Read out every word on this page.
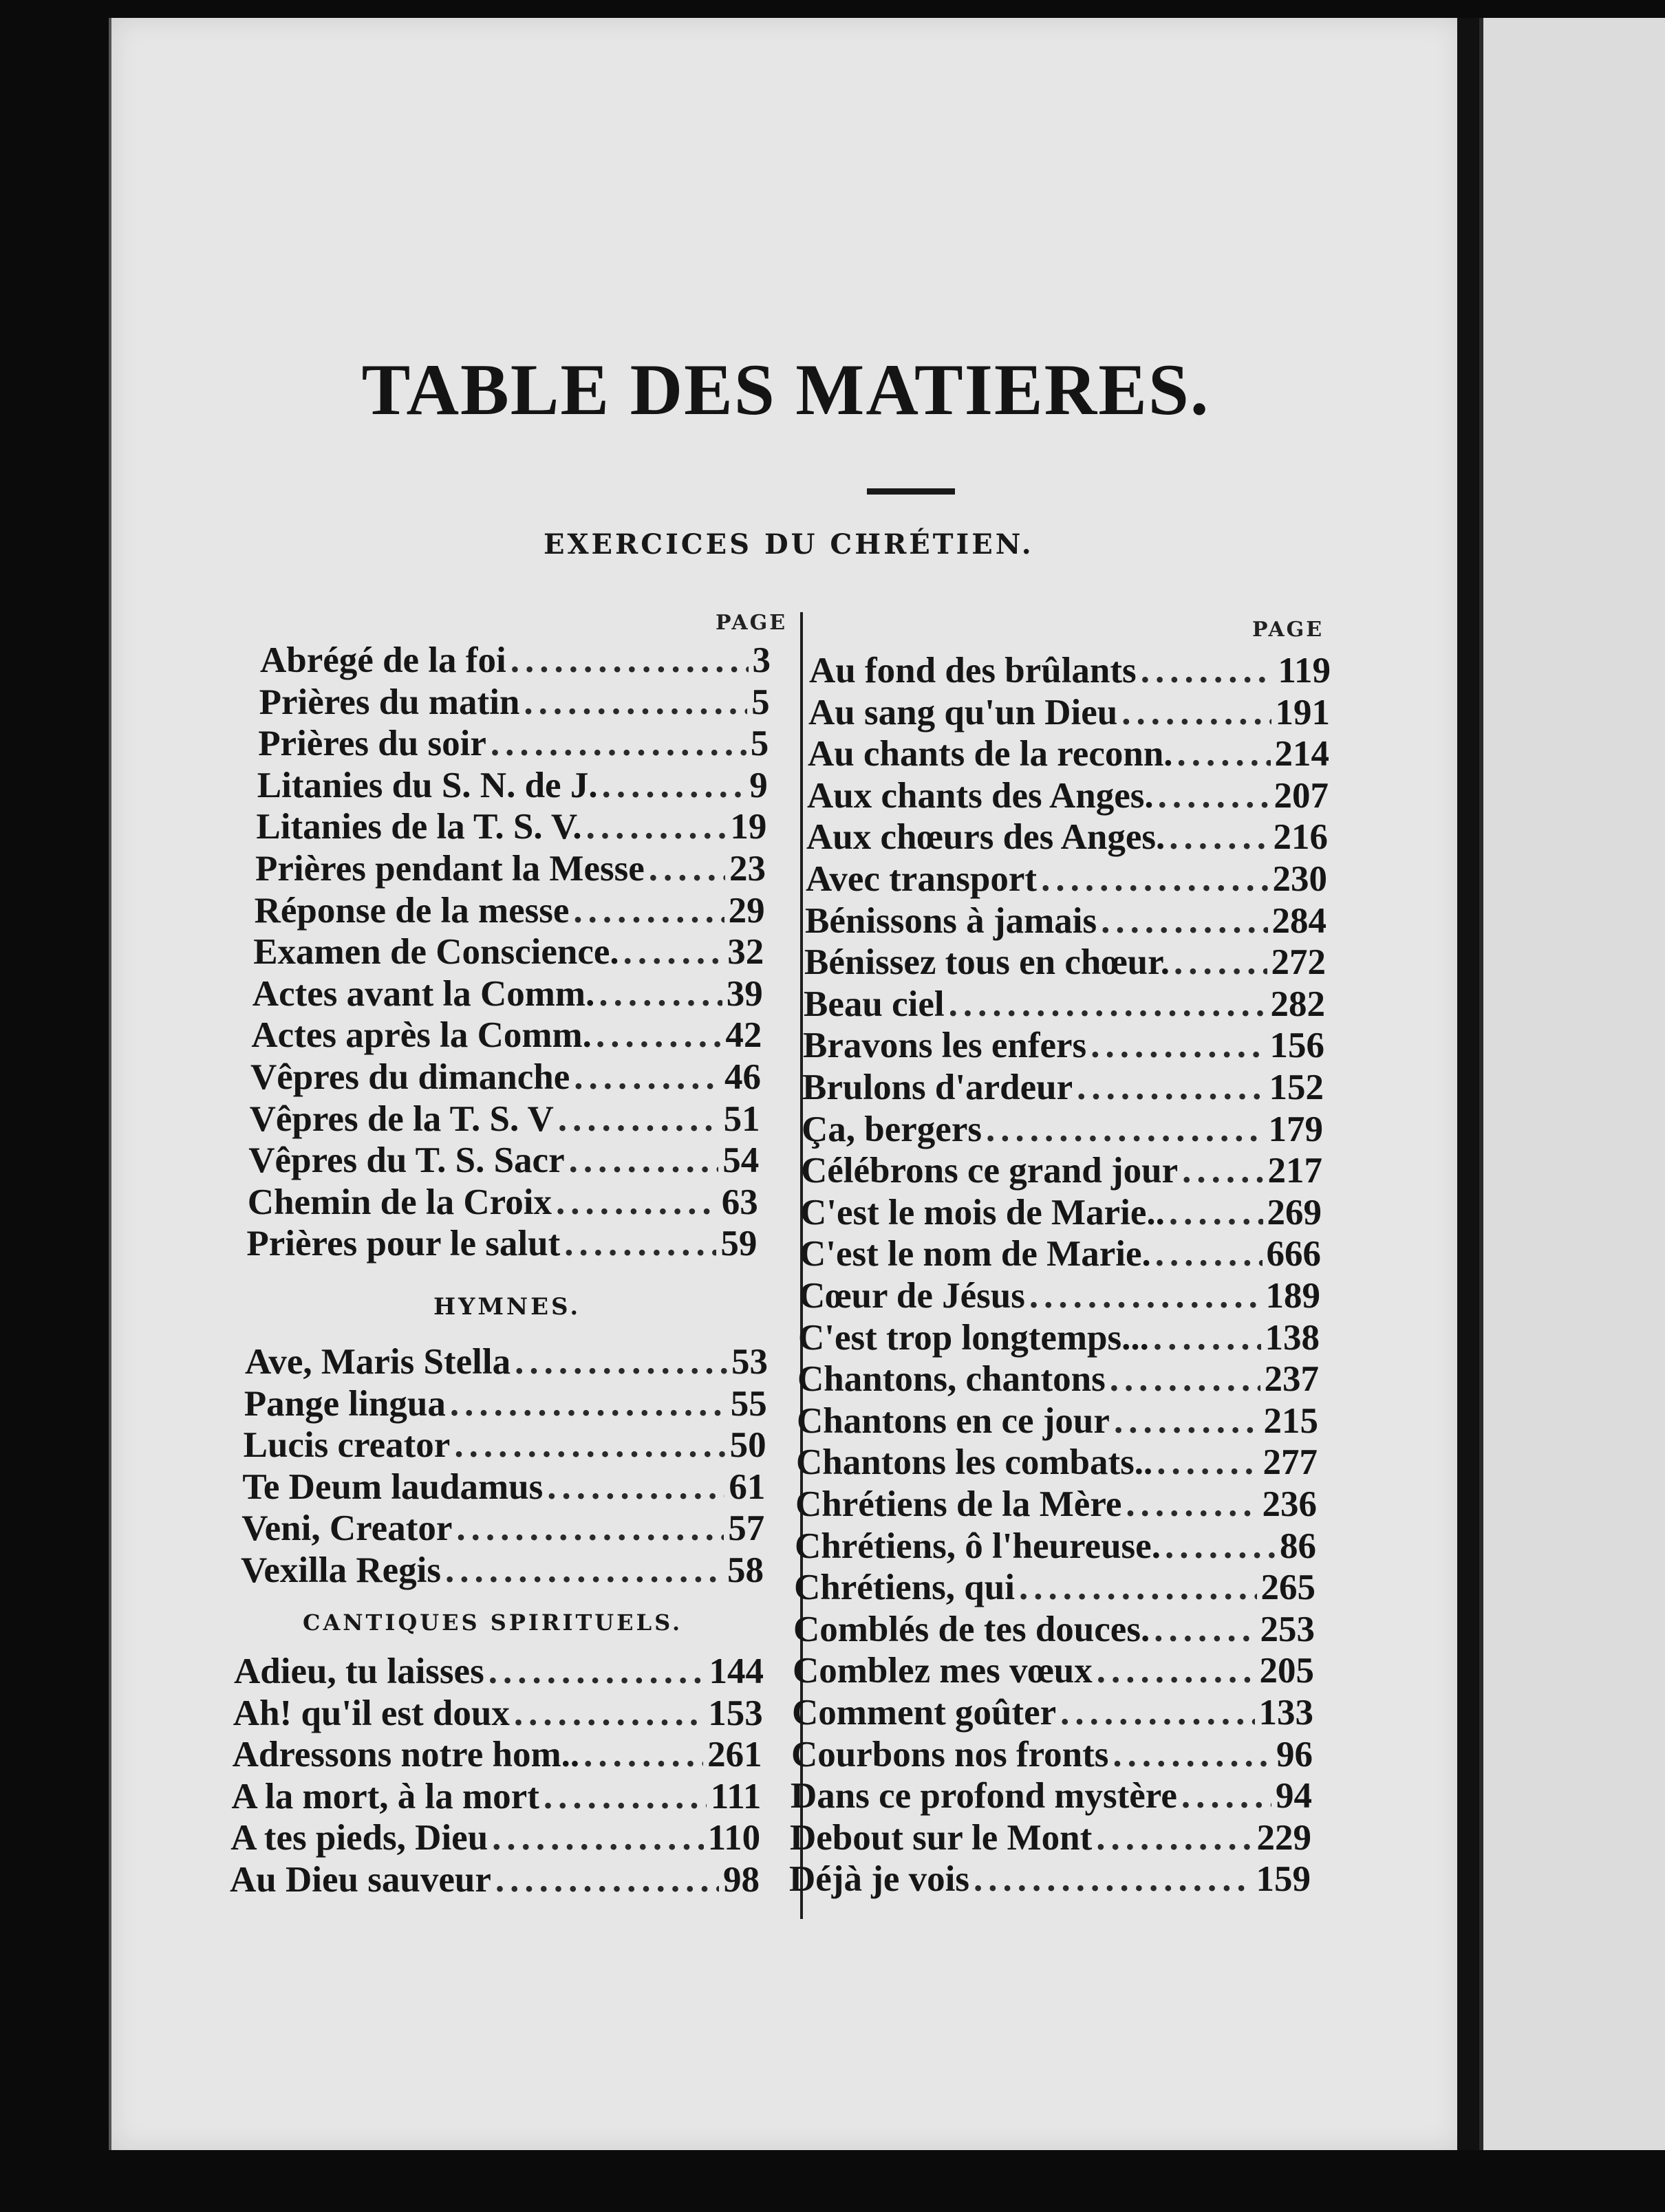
TABLE DES MATIERES.
EXERCICES DU CHRÉTIEN.
PAGE	PAGE
Abrégé de la foi .....	3
Prières du matin .....	5
Prières du soir .....	5
Litanies du S. N. de J. .....	9
Litanies de la T. S. V. .....	19
Prières pendant la Messe ..... 23
Réponse de la messe .....	29
Examen de Conscience. .....	32
Actes avant la Comm. .....	39
Actes après la Comm. .....	42
Vêpres du dimanche .....	46
Vêpres de la T. S. V .....	51
Vêpres du T. S. Sacr .....	54
Chemin de la Croix .....	63
Prières pour le salut .....	59
Ave, Maris Stella .....	53
Pange lingua .....	55
Lucis creator .....	50
Te Deum laudamus .....	61
Veni, Creator .....	57
Vexilla Regis .....	58
Adieu, tu laisses .....	144
Ah! qu'il est doux .....	153
Adressons notre hom.. .....	261
A la mort, à la mort .....	111
A tes pieds, Dieu .....	110
Au Dieu sauveur .....	98
Au fond des brûlants .....	119
Au sang qu'un Dieu .....	191
Au chants de la reconn. .....	214
Aux chants des Anges. .....	207
Aux chœurs des Anges. .....	216
Avec transport .....	230
Bénissons à jamais .....	284
Bénissez tous en chœur. .....	272
Beau ciel .....	282
Bravons les enfers .....	156
Brulons d'ardeur .....	152
Ça, bergers .....	179
Célébrons ce grand jour ..... 217
C'est le mois de Marie.. .....	269
C'est le nom de Marie. .....	666
Cœur de Jésus .....	189
C'est trop longtemps... .....	138
Chantons, chantons .....	237
Chantons en ce jour .....	215
Chantons les combats.. .....	277
Chrétiens de la Mère .....	236
Chrétiens, ô l'heureuse. .....	86
Chrétiens, qui .....	265
Comblés de tes douces. .....	253
Comblez mes vœux .....	205
Comment goûter .....	133
Courbons nos fronts .....	96
Dans ce profond mystère .....	94
Debout sur le Mont .....	229
Déjà je vois .....	159
HYMNES.
CANTIQUES SPIRITUELS.
